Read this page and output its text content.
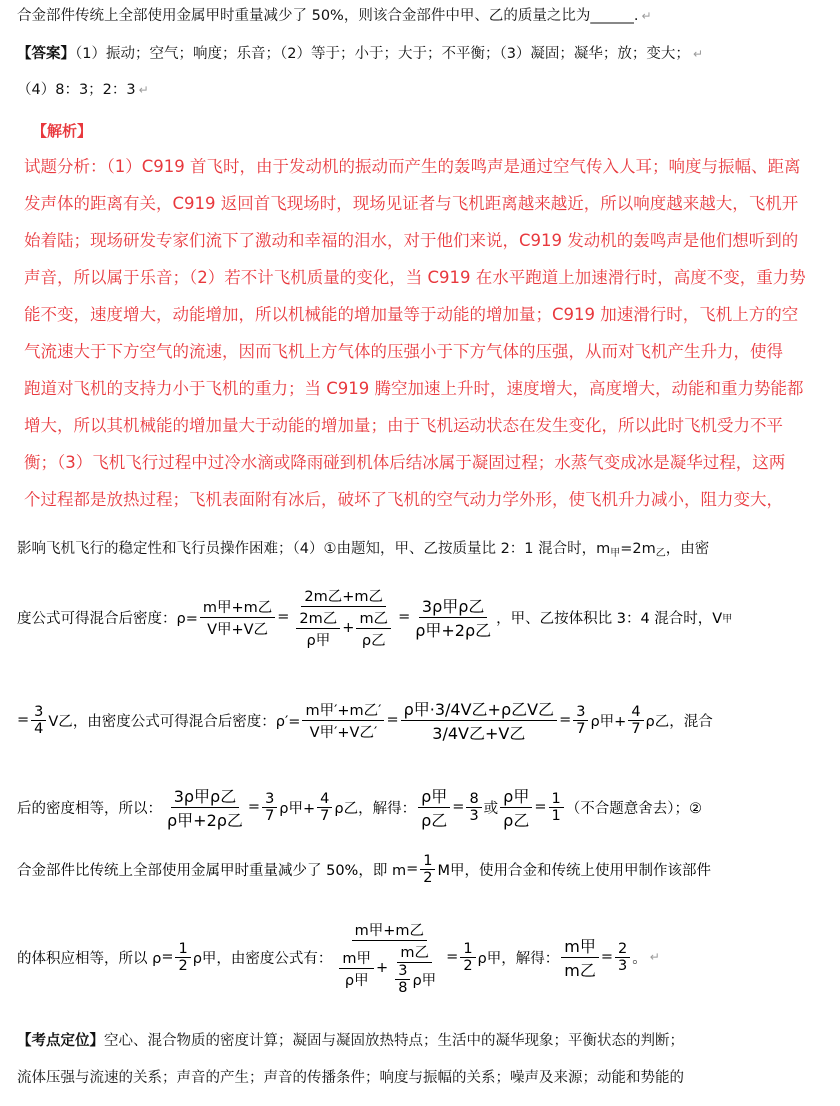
合金部件传统上全部使用金属甲时重量减少了 50%，则该合金部件中甲、乙的质量之比为______. ↵
【答案】（1）振动；空气；响度；乐音；（2）等于；小于；大于；不平衡；（3）凝固；凝华；放；变大； ↵
（4）8：3；2：3 ↵
【解析】
试题分析：（1）C919 首飞时，由于发动机的振动而产生的轰鸣声是通过空气传入人耳；响度与振幅、距离
发声体的距离有关，C919 返回首飞现场时，现场见证者与飞机距离越来越近，所以响度越来越大，飞机开
始着陆；现场研发专家们流下了激动和幸福的泪水，对于他们来说，C919 发动机的轰鸣声是他们想听到的
声音，所以属于乐音；（2）若不计飞机质量的变化，当 C919 在水平跑道上加速滑行时，高度不变，重力势
能不变，速度增大，动能增加，所以机械能的增加量等于动能的增加量；C919 加速滑行时，飞机上方的空
气流速大于下方空气的流速，因而飞机上方气体的压强小于下方气体的压强，从而对飞机产生升力，使得
跑道对飞机的支持力小于飞机的重力；当 C919 腾空加速上升时，速度增大，高度增大，动能和重力势能都
增大，所以其机械能的增加量大于动能的增加量；由于飞机运动状态在发生变化，所以此时飞机受力不平
衡；（3）飞机飞行过程中过冷水滴或降雨碰到机体后结冰属于凝固过程；水蒸气变成冰是凝华过程，这两
个过程都是放热过程；飞机表面附有冰后，破坏了飞机的空气动力学外形，使飞机升力减小，阻力变大，
影响飞机飞行的稳定性和飞行员操作困难；（4）①由题知，甲、乙按质量比 2：1 混合时，$m_甲=2m_乙$，由密
度公式可得混合后密度：$\rho= \frac{\text{m甲+m乙}}{\text{V甲+V乙}} = \frac{\text{2m乙+m乙}}{\frac{\text{2m乙}}{\text{ρ甲}} + \frac{\text{m乙}}{\text{ρ乙}}} = \frac{\text{3ρ甲ρ乙}}{\text{ρ甲+2ρ乙}}$ ，甲、乙按体积比 3：4 混合时，V 甲
= $\frac{3}{4}$ V乙 ，由密度公式可得混合后密度：$\rho'= \frac{\text{m甲′+m乙′}}{\text{V甲′+V乙′}} = \frac{\text{ρ甲·3/4V乙+ρ乙V乙}}{\text{3/4V乙+V乙}} = \frac{3}{7}$ ρ甲+ $\frac{4}{7}$ ρ乙 ，混合
后的密度相等，所以： $\frac{\text{3ρ甲ρ乙}}{\text{ρ甲+2ρ乙}} = \frac{3}{7}$ ρ甲+ $\frac{4}{7}$ ρ乙 ，解得： $\frac{\text{ρ甲}}{\text{ρ乙}} = \frac{8}{3}$ 或 $\frac{\text{ρ甲}}{\text{ρ乙}} = \frac{1}{1}$ （不合题意舍去）；②
合金部件比传统上全部使用金属甲时重量减少了 50%，即 $m = \frac{1}{2}$ M甲 ，使用合金和传统上使用甲制作该部件
的体积应相等，所以 $\rho = \frac{1}{2}$ ρ甲 ，由密度公式有：
m甲+m乙
$\frac{\text{m甲}}{\text{ρ甲}} + \frac{\text{m乙}}{\frac{3}{8} \rho 甲} = \frac{1}{2}$ ρ甲 ，解得： $\frac{\text{m甲}}{\text{m乙}} = \frac{2}{3}$ 。 ↵
【考点定位】空心、混合物质的密度计算；凝固与凝固放热特点；生活中的凝华现象；平衡状态的判断；
流体压强与流速的关系；声音的产生；声音的传播条件；响度与振幅的关系；噪声及来源；动能和势能的
